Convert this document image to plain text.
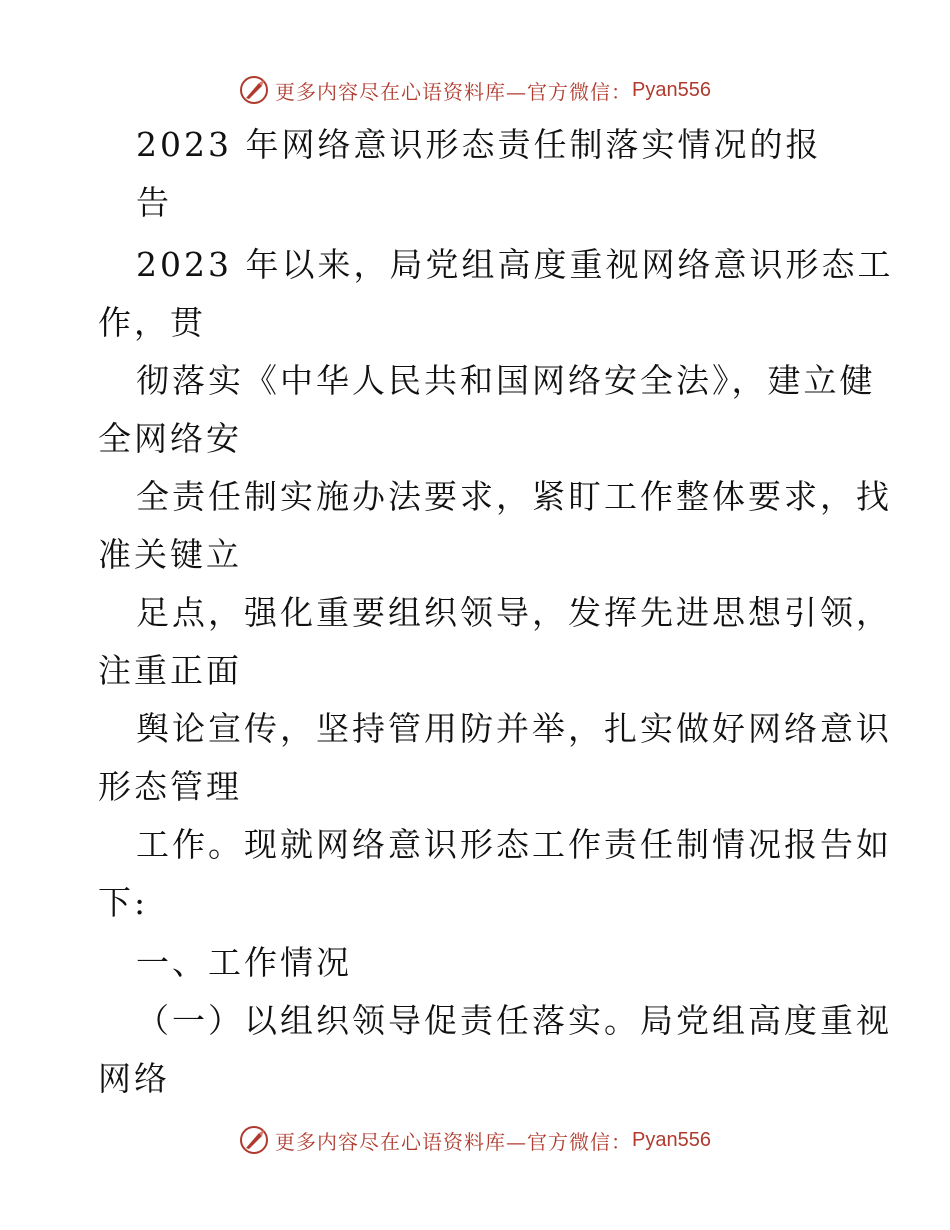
更多内容尽在心语资料库—官方微信： Pyan556
2023 年网络意识形态责任制落实情况的报
告
2023 年以来，局党组高度重视网络意识形态工
作，贯
彻落实《中华人民共和国网络安全法》，建立健
全网络安
全责任制实施办法要求，紧盯工作整体要求，找
准关键立
足点，强化重要组织领导，发挥先进思想引领，
注重正面
舆论宣传，坚持管用防并举，扎实做好网络意识
形态管理
工作。现就网络意识形态工作责任制情况报告如
下:
一、工作情况
（一）以组织领导促责任落实。局党组高度重视
网络
更多内容尽在心语资料库—官方微信： Pyan556
